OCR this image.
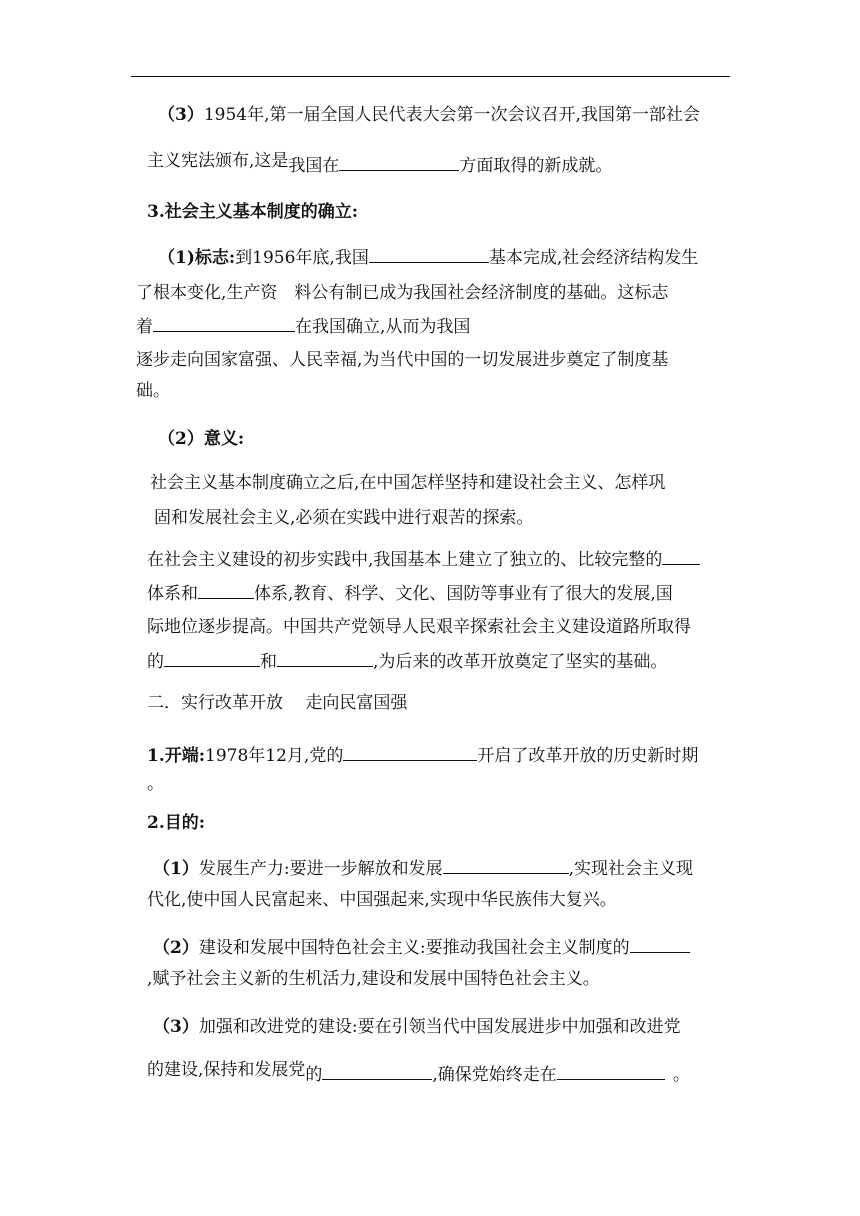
（3）1954年,第一届全国人民代表大会第一次会议召开,我国第一部社会
主义宪法颁布,这是我国在	方面取得的新成就。
3.社会主义基本制度的确立:
（1)标志:到1956年底,我国	基本完成,社会经济结构发生
了根本变化,生产资　料公有制已成为我国社会经济制度的基础。这标志
着	在我国确立,从而为我国
逐步走向国家富强、人民幸福,为当代中国的一切发展进步奠定了制度基
础。
（2）意义:
社会主义基本制度确立之后,在中国怎样坚持和建设社会主义、怎样巩
固和发展社会主义,必须在实践中进行艰苦的探索。
在社会主义建设的初步实践中,我国基本上建立了独立的、比较完整的
体系和	体系,教育、科学、文化、国防等事业有了很大的发展,国
际地位逐步提高。中国共产党领导人民艰辛探索社会主义建设道路所取得
的	和	,为后来的改革开放奠定了坚实的基础。
二．实行改革开放　 走向民富国强
1.开端:1978年12月,党的	开启了改革开放的历史新时期
。
2.目的:
（1）发展生产力:要进一步解放和发展	,实现社会主义现
代化,使中国人民富起来、中国强起来,实现中华民族伟大复兴。
（2）建设和发展中国特色社会主义:要推动我国社会主义制度的
,赋予社会主义新的生机活力,建设和发展中国特色社会主义。
（3）加强和改进党的建设:要在引领当代中国发展进步中加强和改进党
的建设,保持和发展党的	,确保党始终走在	。
